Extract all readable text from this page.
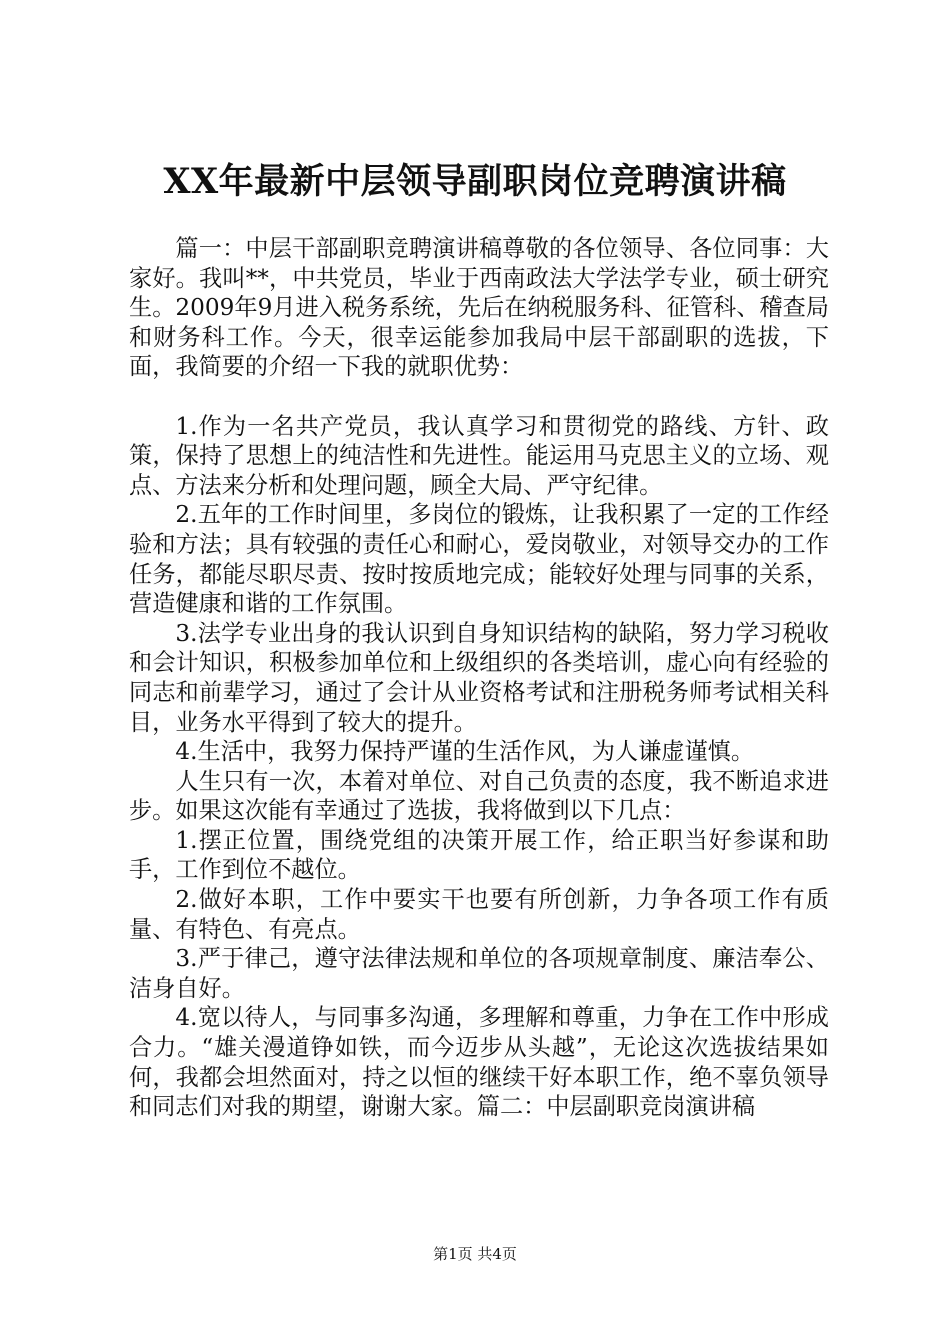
XX年最新中层领导副职岗位竞聘演讲稿

篇一：中层干部副职竞聘演讲稿尊敬的各位领导、各位同事：大家好。我叫**，中共党员，毕业于西南政法大学法学专业，硕士研究生。2009年9月进入税务系统，先后在纳税服务科、征管科、稽查局和财务科工作。今天，很幸运能参加我局中层干部副职的选拔，下面，我简要的介绍一下我的就职优势：

1.作为一名共产党员，我认真学习和贯彻党的路线、方针、政策，保持了思想上的纯洁性和先进性。能运用马克思主义的立场、观点、方法来分析和处理问题，顾全大局、严守纪律。

2.五年的工作时间里，多岗位的锻炼，让我积累了一定的工作经验和方法；具有较强的责任心和耐心，爱岗敬业，对领导交办的工作任务，都能尽职尽责、按时按质地完成；能较好处理与同事的关系，营造健康和谐的工作氛围。

3.法学专业出身的我认识到自身知识结构的缺陷，努力学习税收和会计知识，积极参加单位和上级组织的各类培训，虚心向有经验的同志和前辈学习，通过了会计从业资格考试和注册税务师考试相关科目，业务水平得到了较大的提升。

4.生活中，我努力保持严谨的生活作风，为人谦虚谨慎。

人生只有一次，本着对单位、对自己负责的态度，我不断追求进步。如果这次能有幸通过了选拔，我将做到以下几点：

1.摆正位置，围绕党组的决策开展工作，给正职当好参谋和助手，工作到位不越位。

2.做好本职，工作中要实干也要有所创新，力争各项工作有质量、有特色、有亮点。

3.严于律己，遵守法律法规和单位的各项规章制度、廉洁奉公、洁身自好。

4.宽以待人，与同事多沟通，多理解和尊重，力争在工作中形成合力。“雄关漫道铮如铁，而今迈步从头越”，无论这次选拔结果如何，我都会坦然面对，持之以恒的继续干好本职工作，绝不辜负领导和同志们对我的期望，谢谢大家。篇二：中层副职竞岗演讲稿

第1页 共4页
